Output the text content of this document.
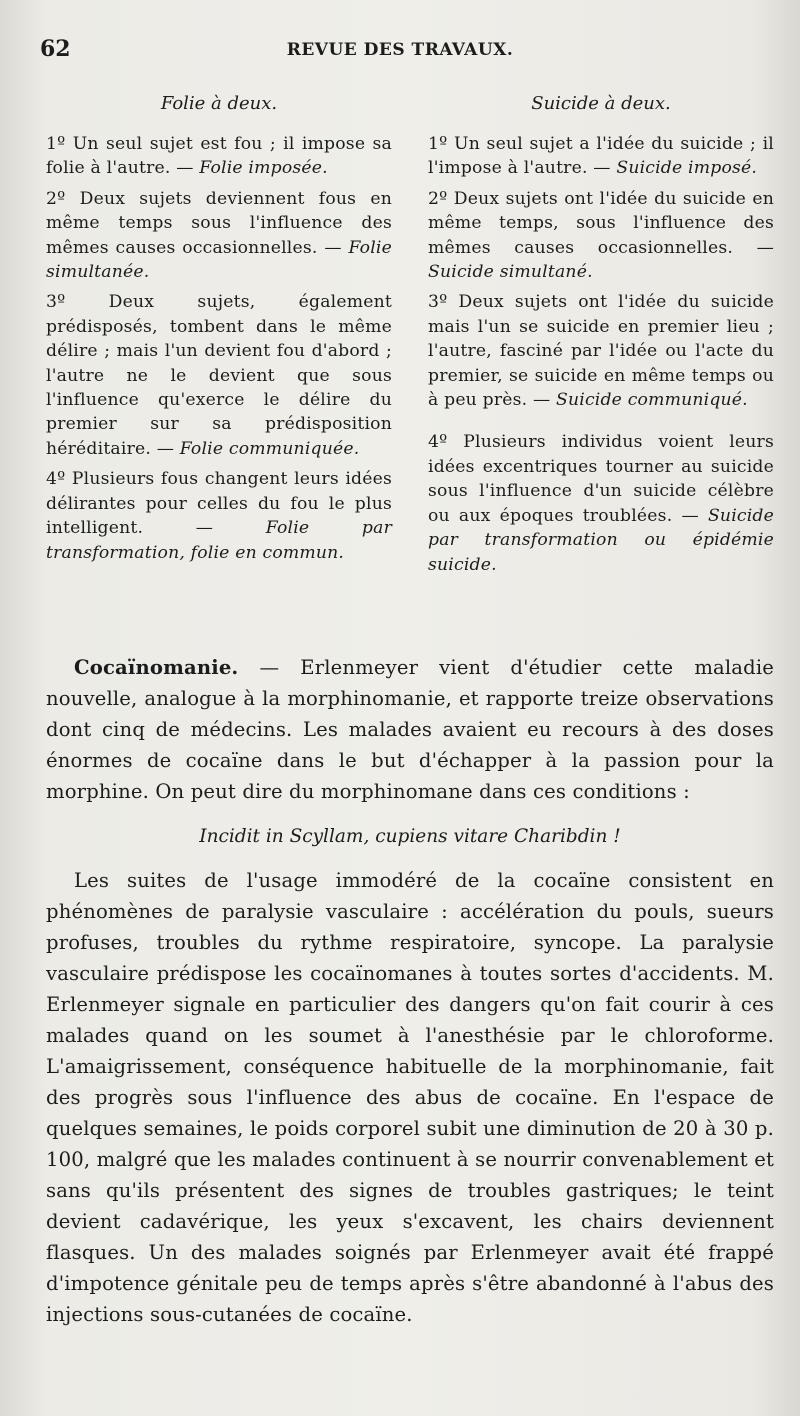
62	REVUE DES TRAVAUX.
Folie à deux.

1º Un seul sujet est fou ; il impose sa folie à l'autre. — Folie imposée.

2º Deux sujets deviennent fous en même temps sous l'influence des mêmes causes occasionnelles. — Folie simultanée.

3º Deux sujets, également prédisposés, tombent dans le même délire ; mais l'un devient fou d'abord ; l'autre ne le devient que sous l'influence qu'exerce le délire du premier sur sa prédisposition héréditaire. — Folie communiquée.

4º Plusieurs fous changent leurs idées délirantes pour celles du fou le plus intelligent. — Folie par transformation, folie en commun.

Suicide à deux.

1º Un seul sujet a l'idée du suicide ; il l'impose à l'autre. — Suicide imposé.

2º Deux sujets ont l'idée du suicide en même temps, sous l'influence des mêmes causes occasionnelles. — Suicide simultané.

3º Deux sujets ont l'idée du suicide mais l'un se suicide en premier lieu ; l'autre, fasciné par l'idée ou l'acte du premier, se suicide en même temps ou à peu près. — Suicide communiqué.

4º Plusieurs individus voient leurs idées excentriques tourner au suicide sous l'influence d'un suicide célèbre ou aux époques troublées. — Suicide par transformation ou épidémie suicide.

Cocaïnomanie. — Erlenmeyer vient d'étudier cette maladie nouvelle, analogue à la morphinomanie, et rapporte treize observations dont cinq de médecins. Les malades avaient eu recours à des doses énormes de cocaïne dans le but d'échapper à la passion pour la morphine. On peut dire du morphinomane dans ces conditions :

Incidit in Scyllam, cupiens vitare Charibdin !

Les suites de l'usage immodéré de la cocaïne consistent en phénomènes de paralysie vasculaire : accélération du pouls, sueurs profuses, troubles du rythme respiratoire, syncope. La paralysie vasculaire prédispose les cocaïnomanes à toutes sortes d'accidents. M. Erlenmeyer signale en particulier des dangers qu'on fait courir à ces malades quand on les soumet à l'anesthésie par le chloroforme. L'amaigrissement, conséquence habituelle de la morphinomanie, fait des progrès sous l'influence des abus de cocaïne. En l'espace de quelques semaines, le poids corporel subit une diminution de 20 à 30 p. 100, malgré que les malades continuent à se nourrir convenablement et sans qu'ils présentent des signes de troubles gastriques; le teint devient cadavérique, les yeux s'excavent, les chairs deviennent flasques. Un des malades soignés par Erlenmeyer avait été frappé d'impotence génitale peu de temps après s'être abandonné à l'abus des injections sous-cutanées de cocaïne.
